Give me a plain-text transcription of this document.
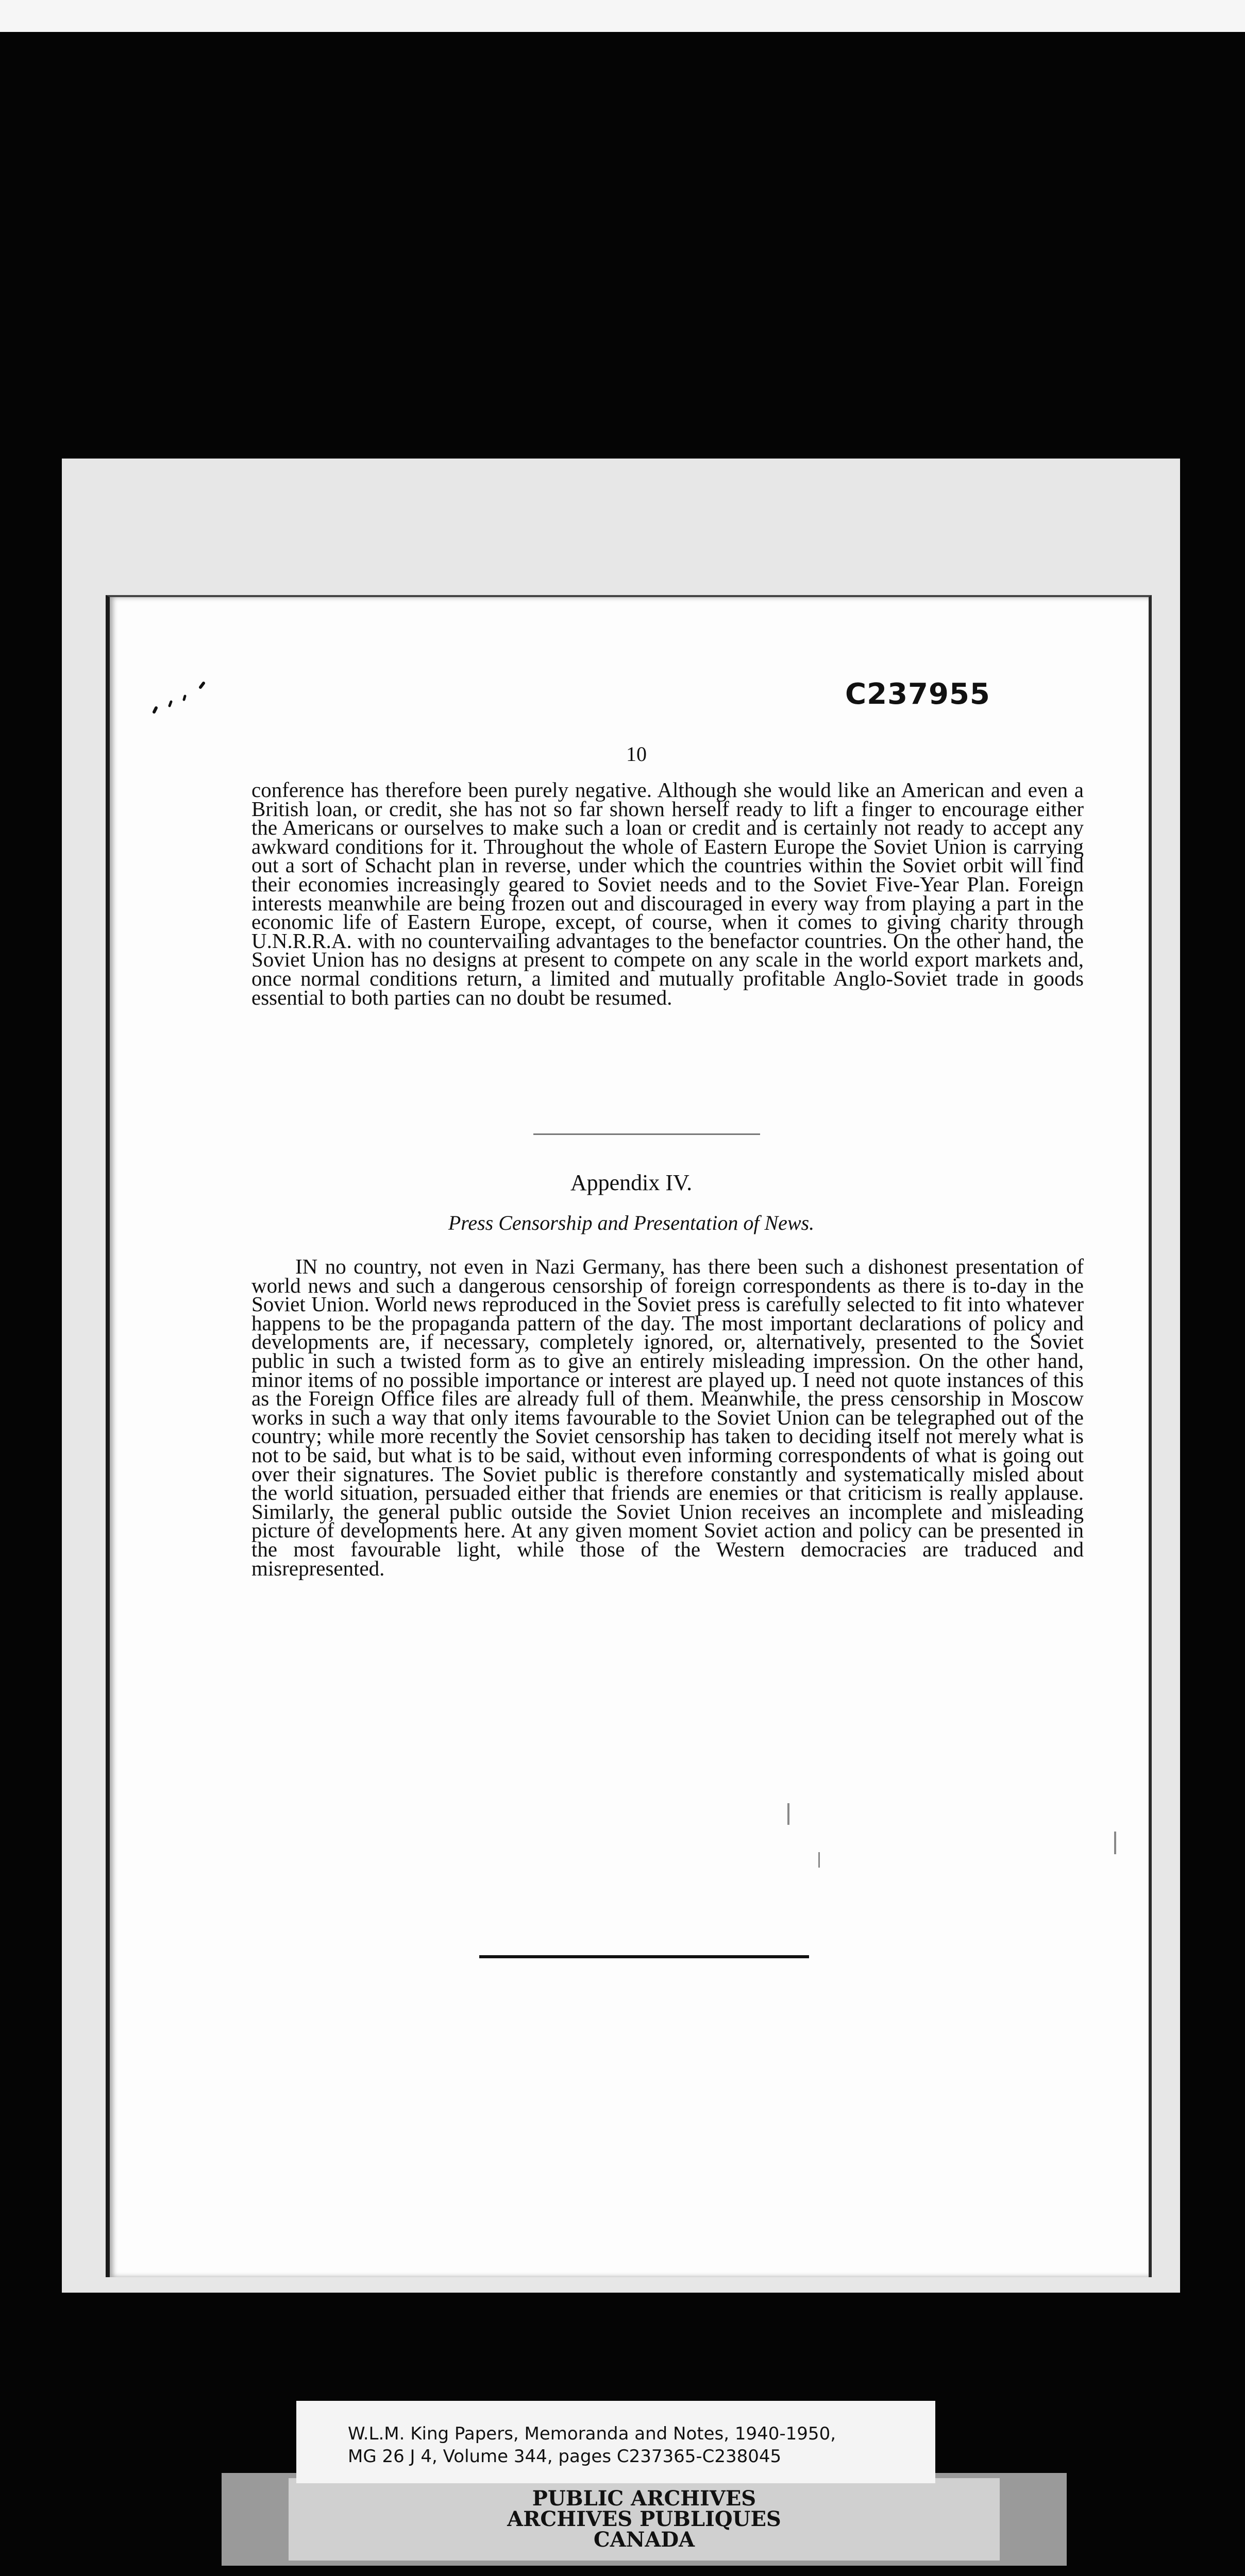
C237955
10

conference has therefore been purely negative. Although she would like an American and even a British loan, or credit, she has not so far shown herself ready to lift a finger to encourage either the Americans or ourselves to make such a loan or credit and is certainly not ready to accept any awkward conditions for it. Throughout the whole of Eastern Europe the Soviet Union is carrying out a sort of Schacht plan in reverse, under which the countries within the Soviet orbit will find their economies increasingly geared to Soviet needs and to the Soviet Five-Year Plan. Foreign interests meanwhile are being frozen out and discouraged in every way from playing a part in the economic life of Eastern Europe, except, of course, when it comes to giving charity through U.N.R.R.A. with no countervailing advantages to the benefactor countries. On the other hand, the Soviet Union has no designs at present to compete on any scale in the world export markets and, once normal conditions return, a limited and mutually profitable Anglo-Soviet trade in goods essential to both parties can no doubt be resumed.

Appendix IV.
Press Censorship and Presentation of News.

IN no country, not even in Nazi Germany, has there been such a dishonest presentation of world news and such a dangerous censorship of foreign correspondents as there is to-day in the Soviet Union. World news reproduced in the Soviet press is carefully selected to fit into whatever happens to be the propaganda pattern of the day. The most important declarations of policy and developments are, if necessary, completely ignored, or, alternatively, presented to the Soviet public in such a twisted form as to give an entirely misleading impression. On the other hand, minor items of no possible importance or interest are played up. I need not quote instances of this as the Foreign Office files are already full of them. Meanwhile, the press censorship in Moscow works in such a way that only items favourable to the Soviet Union can be telegraphed out of the country; while more recently the Soviet censorship has taken to deciding itself not merely what is not to be said, but what is to be said, without even informing correspondents of what is going out over their signatures. The Soviet public is therefore constantly and systematically misled about the world situation, persuaded either that friends are enemies or that criticism is really applause. Similarly, the general public outside the Soviet Union receives an incomplete and misleading picture of developments here. At any given moment Soviet action and policy can be presented in the most favourable light, while those of the Western democracies are traduced and misrepresented.

PUBLIC ARCHIVES
ARCHIVES PUBLIQUES
CANADA
W.L.M. King Papers, Memoranda and Notes, 1940-1950,
MG 26 J 4, Volume 344, pages C237365-C238045
